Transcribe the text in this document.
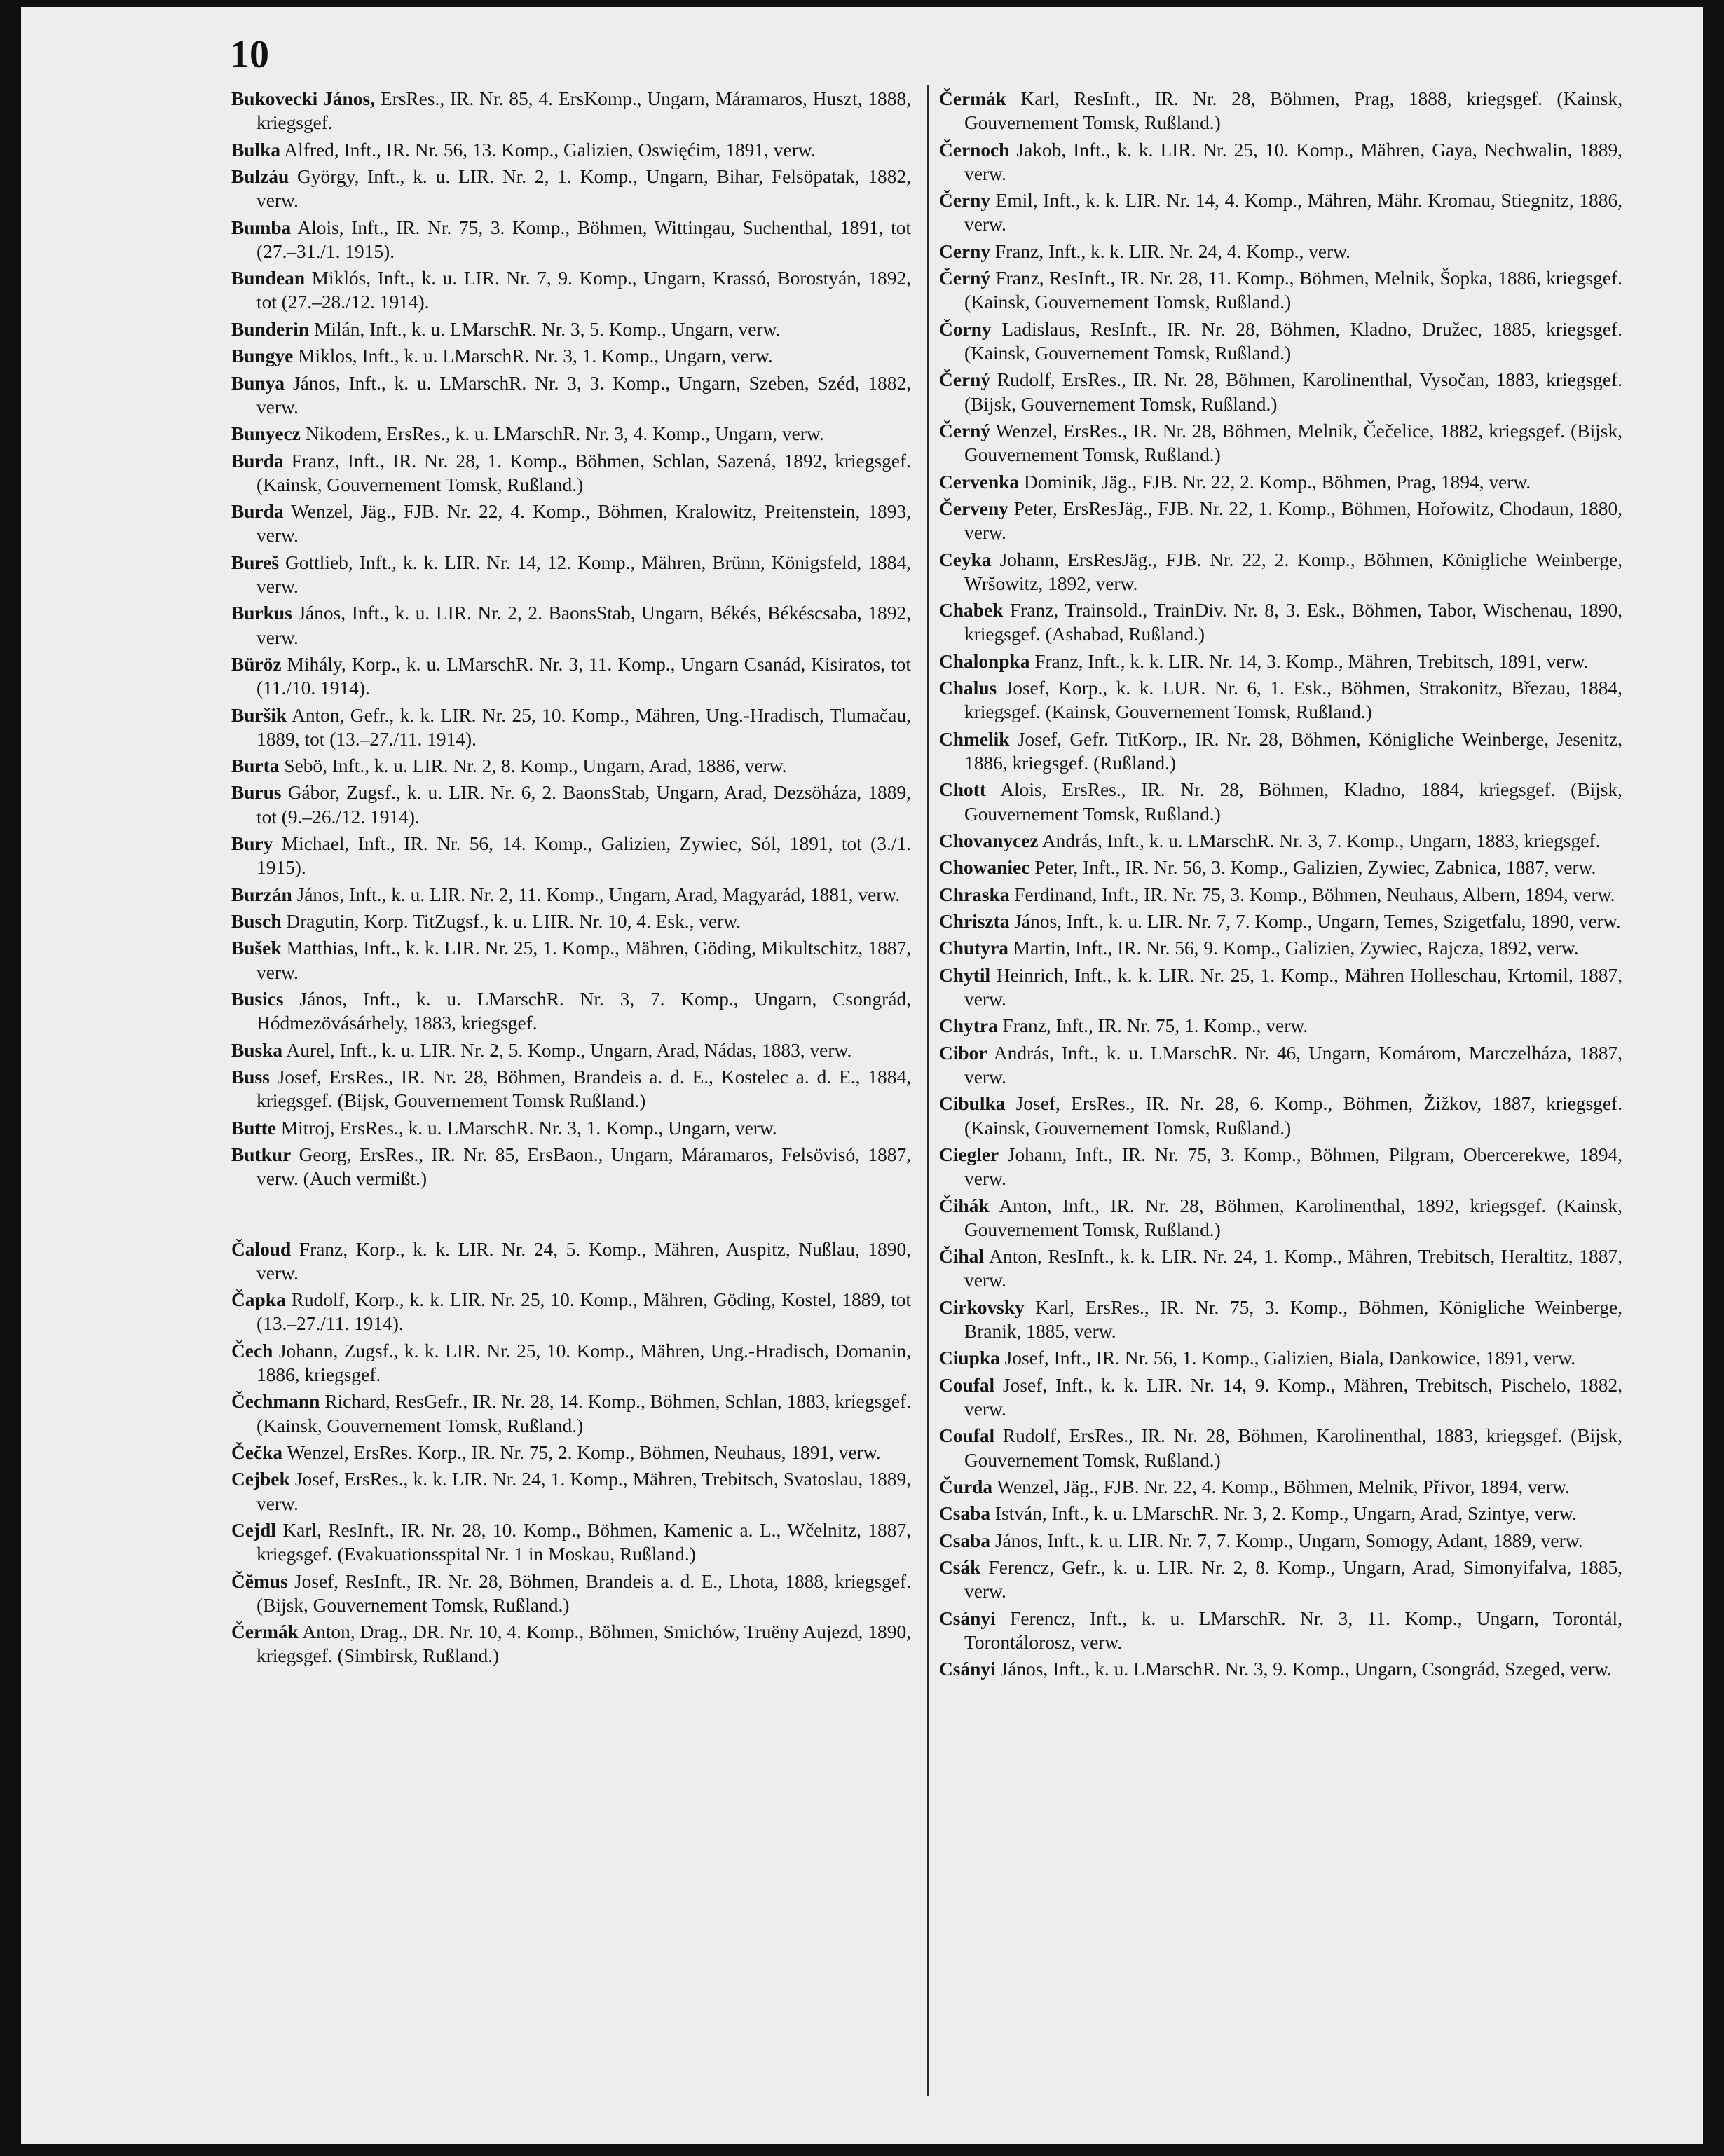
10

Bukovecki János, ErsRes., IR. Nr. 85, 4. ErsKomp., Ungarn, Máramaros, Huszt, 1888, kriegsgef.

Bulka Alfred, Inft., IR. Nr. 56, 13. Komp., Galizien, Oswięćim, 1891, verw.

Bulzáu György, Inft., k. u. LIR. Nr. 2, 1. Komp., Ungarn, Bihar, Felsöpatak, 1882, verw.

Bumba Alois, Inft., IR. Nr. 75, 3. Komp., Böhmen, Wittingau, Suchenthal, 1891, tot (27.–31./1. 1915).

Bundean Miklós, Inft., k. u. LIR. Nr. 7, 9. Komp., Ungarn, Krassó, Borostyán, 1892, tot (27.–28./12. 1914).

Bunderin Milán, Inft., k. u. LMarschR. Nr. 3, 5. Komp., Ungarn, verw.

Bungye Miklos, Inft., k. u. LMarschR. Nr. 3, 1. Komp., Ungarn, verw.

Bunya János, Inft., k. u. LMarschR. Nr. 3, 3. Komp., Ungarn, Szeben, Széd, 1882, verw.

Bunyecz Nikodem, ErsRes., k. u. LMarschR. Nr. 3, 4. Komp., Ungarn, verw.

Burda Franz, Inft., IR. Nr. 28, 1. Komp., Böhmen, Schlan, Sazená, 1892, kriegsgef. (Kainsk, Gouvernement Tomsk, Rußland.)

Burda Wenzel, Jäg., FJB. Nr. 22, 4. Komp., Böhmen, Kralowitz, Preitenstein, 1893, verw.

Bureš Gottlieb, Inft., k. k. LIR. Nr. 14, 12. Komp., Mähren, Brünn, Königsfeld, 1884, verw.

Burkus János, Inft., k. u. LIR. Nr. 2, 2. BaonsStab, Ungarn, Békés, Békéscsaba, 1892, verw.

Büröz Mihály, Korp., k. u. LMarschR. Nr. 3, 11. Komp., Ungarn Csanád, Kisiratos, tot (11./10. 1914).

Buršik Anton, Gefr., k. k. LIR. Nr. 25, 10. Komp., Mähren, Ung.-Hradisch, Tlumačau, 1889, tot (13.–27./11. 1914).

Burta Sebö, Inft., k. u. LIR. Nr. 2, 8. Komp., Ungarn, Arad, 1886, verw.

Burus Gábor, Zugsf., k. u. LIR. Nr. 6, 2. BaonsStab, Ungarn, Arad, Dezsöháza, 1889, tot (9.–26./12. 1914).

Bury Michael, Inft., IR. Nr. 56, 14. Komp., Galizien, Zywiec, Sól, 1891, tot (3./1. 1915).

Burzán János, Inft., k. u. LIR. Nr. 2, 11. Komp., Ungarn, Arad, Magyarád, 1881, verw.

Busch Dragutin, Korp. TitZugsf., k. u. LIIR. Nr. 10, 4. Esk., verw.

Bušek Matthias, Inft., k. k. LIR. Nr. 25, 1. Komp., Mähren, Göding, Mikultschitz, 1887, verw.

Busics János, Inft., k. u. LMarschR. Nr. 3, 7. Komp., Ungarn, Csongrád, Hódmezövásárhely, 1883, kriegsgef.

Buska Aurel, Inft., k. u. LIR. Nr. 2, 5. Komp., Ungarn, Arad, Nádas, 1883, verw.

Buss Josef, ErsRes., IR. Nr. 28, Böhmen, Brandeis a. d. E., Kostelec a. d. E., 1884, kriegsgef. (Bijsk, Gouvernement Tomsk Rußland.)

Butte Mitroj, ErsRes., k. u. LMarschR. Nr. 3, 1. Komp., Ungarn, verw.

Butkur Georg, ErsRes., IR. Nr. 85, ErsBaon., Ungarn, Máramaros, Felsövisó, 1887, verw. (Auch vermißt.)

Čaloud Franz, Korp., k. k. LIR. Nr. 24, 5. Komp., Mähren, Auspitz, Nußlau, 1890, verw.

Čapka Rudolf, Korp., k. k. LIR. Nr. 25, 10. Komp., Mähren, Göding, Kostel, 1889, tot (13.–27./11. 1914).

Čech Johann, Zugsf., k. k. LIR. Nr. 25, 10. Komp., Mähren, Ung.-Hradisch, Domanin, 1886, kriegsgef.

Čechmann Richard, ResGefr., IR. Nr. 28, 14. Komp., Böhmen, Schlan, 1883, kriegsgef. (Kainsk, Gouvernement Tomsk, Rußland.)

Čečka Wenzel, ErsRes. Korp., IR. Nr. 75, 2. Komp., Böhmen, Neuhaus, 1891, verw.

Cejbek Josef, ErsRes., k. k. LIR. Nr. 24, 1. Komp., Mähren, Trebitsch, Svatoslau, 1889, verw.

Cejdl Karl, ResInft., IR. Nr. 28, 10. Komp., Böhmen, Kamenic a. L., Wčelnitz, 1887, kriegsgef. (Evakuationsspital Nr. 1 in Moskau, Rußland.)

Čěmus Josef, ResInft., IR. Nr. 28, Böhmen, Brandeis a. d. E., Lhota, 1888, kriegsgef. (Bijsk, Gouvernement Tomsk, Rußland.)

Čermák Anton, Drag., DR. Nr. 10, 4. Komp., Böhmen, Smichów, Truëny Aujezd, 1890, kriegsgef. (Simbirsk, Rußland.)

Čermák Karl, ResInft., IR. Nr. 28, Böhmen, Prag, 1888, kriegsgef. (Kainsk, Gouvernement Tomsk, Rußland.)

Černoch Jakob, Inft., k. k. LIR. Nr. 25, 10. Komp., Mähren, Gaya, Nechwalin, 1889, verw.

Černy Emil, Inft., k. k. LIR. Nr. 14, 4. Komp., Mähren, Mähr. Kromau, Stiegnitz, 1886, verw.

Cerny Franz, Inft., k. k. LIR. Nr. 24, 4. Komp., verw.

Černý Franz, ResInft., IR. Nr. 28, 11. Komp., Böhmen, Melnik, Šopka, 1886, kriegsgef. (Kainsk, Gouvernement Tomsk, Rußland.)

Čorny Ladislaus, ResInft., IR. Nr. 28, Böhmen, Kladno, Družec, 1885, kriegsgef. (Kainsk, Gouvernement Tomsk, Rußland.)

Černý Rudolf, ErsRes., IR. Nr. 28, Böhmen, Karolinenthal, Vysočan, 1883, kriegsgef. (Bijsk, Gouvernement Tomsk, Rußland.)

Černý Wenzel, ErsRes., IR. Nr. 28, Böhmen, Melnik, Čečelice, 1882, kriegsgef. (Bijsk, Gouvernement Tomsk, Rußland.)

Cervenka Dominik, Jäg., FJB. Nr. 22, 2. Komp., Böhmen, Prag, 1894, verw.

Červeny Peter, ErsResJäg., FJB. Nr. 22, 1. Komp., Böhmen, Hořowitz, Chodaun, 1880, verw.

Ceyka Johann, ErsResJäg., FJB. Nr. 22, 2. Komp., Böhmen, Königliche Weinberge, Wršowitz, 1892, verw.

Chabek Franz, Trainsold., TrainDiv. Nr. 8, 3. Esk., Böhmen, Tabor, Wischenau, 1890, kriegsgef. (Ashabad, Rußland.)

Chalonpka Franz, Inft., k. k. LIR. Nr. 14, 3. Komp., Mähren, Trebitsch, 1891, verw.

Chalus Josef, Korp., k. k. LUR. Nr. 6, 1. Esk., Böhmen, Strakonitz, Březau, 1884, kriegsgef. (Kainsk, Gouvernement Tomsk, Rußland.)

Chmelik Josef, Gefr. TitKorp., IR. Nr. 28, Böhmen, Königliche Weinberge, Jesenitz, 1886, kriegsgef. (Rußland.)

Chott Alois, ErsRes., IR. Nr. 28, Böhmen, Kladno, 1884, kriegsgef. (Bijsk, Gouvernement Tomsk, Rußland.)

Chovanycez András, Inft., k. u. LMarschR. Nr. 3, 7. Komp., Ungarn, 1883, kriegsgef.

Chowaniec Peter, Inft., IR. Nr. 56, 3. Komp., Galizien, Zywiec, Zabnica, 1887, verw.

Chraska Ferdinand, Inft., IR. Nr. 75, 3. Komp., Böhmen, Neuhaus, Albern, 1894, verw.

Chriszta János, Inft., k. u. LIR. Nr. 7, 7. Komp., Ungarn, Temes, Szigetfalu, 1890, verw.

Chutyra Martin, Inft., IR. Nr. 56, 9. Komp., Galizien, Zywiec, Rajcza, 1892, verw.

Chytil Heinrich, Inft., k. k. LIR. Nr. 25, 1. Komp., Mähren Holleschau, Krtomil, 1887, verw.

Chytra Franz, Inft., IR. Nr. 75, 1. Komp., verw.

Cibor András, Inft., k. u. LMarschR. Nr. 46, Ungarn, Komárom, Marczelháza, 1887, verw.

Cibulka Josef, ErsRes., IR. Nr. 28, 6. Komp., Böhmen, Žižkov, 1887, kriegsgef. (Kainsk, Gouvernement Tomsk, Rußland.)

Ciegler Johann, Inft., IR. Nr. 75, 3. Komp., Böhmen, Pilgram, Obercerekwe, 1894, verw.

Čihák Anton, Inft., IR. Nr. 28, Böhmen, Karolinenthal, 1892, kriegsgef. (Kainsk, Gouvernement Tomsk, Rußland.)

Čihal Anton, ResInft., k. k. LIR. Nr. 24, 1. Komp., Mähren, Trebitsch, Heraltitz, 1887, verw.

Cirkovsky Karl, ErsRes., IR. Nr. 75, 3. Komp., Böhmen, Königliche Weinberge, Branik, 1885, verw.

Ciupka Josef, Inft., IR. Nr. 56, 1. Komp., Galizien, Biala, Dankowice, 1891, verw.

Coufal Josef, Inft., k. k. LIR. Nr. 14, 9. Komp., Mähren, Trebitsch, Pischelo, 1882, verw.

Coufal Rudolf, ErsRes., IR. Nr. 28, Böhmen, Karolinenthal, 1883, kriegsgef. (Bijsk, Gouvernement Tomsk, Rußland.)

Čurda Wenzel, Jäg., FJB. Nr. 22, 4. Komp., Böhmen, Melnik, Přivor, 1894, verw.

Csaba István, Inft., k. u. LMarschR. Nr. 3, 2. Komp., Ungarn, Arad, Szintye, verw.

Csaba János, Inft., k. u. LIR. Nr. 7, 7. Komp., Ungarn, Somogy, Adant, 1889, verw.

Csák Ferencz, Gefr., k. u. LIR. Nr. 2, 8. Komp., Ungarn, Arad, Simonyifalva, 1885, verw.

Csányi Ferencz, Inft., k. u. LMarschR. Nr. 3, 11. Komp., Ungarn, Torontál, Torontálorosz, verw.

Csányi János, Inft., k. u. LMarschR. Nr. 3, 9. Komp., Ungarn, Csongrád, Szeged, verw.
